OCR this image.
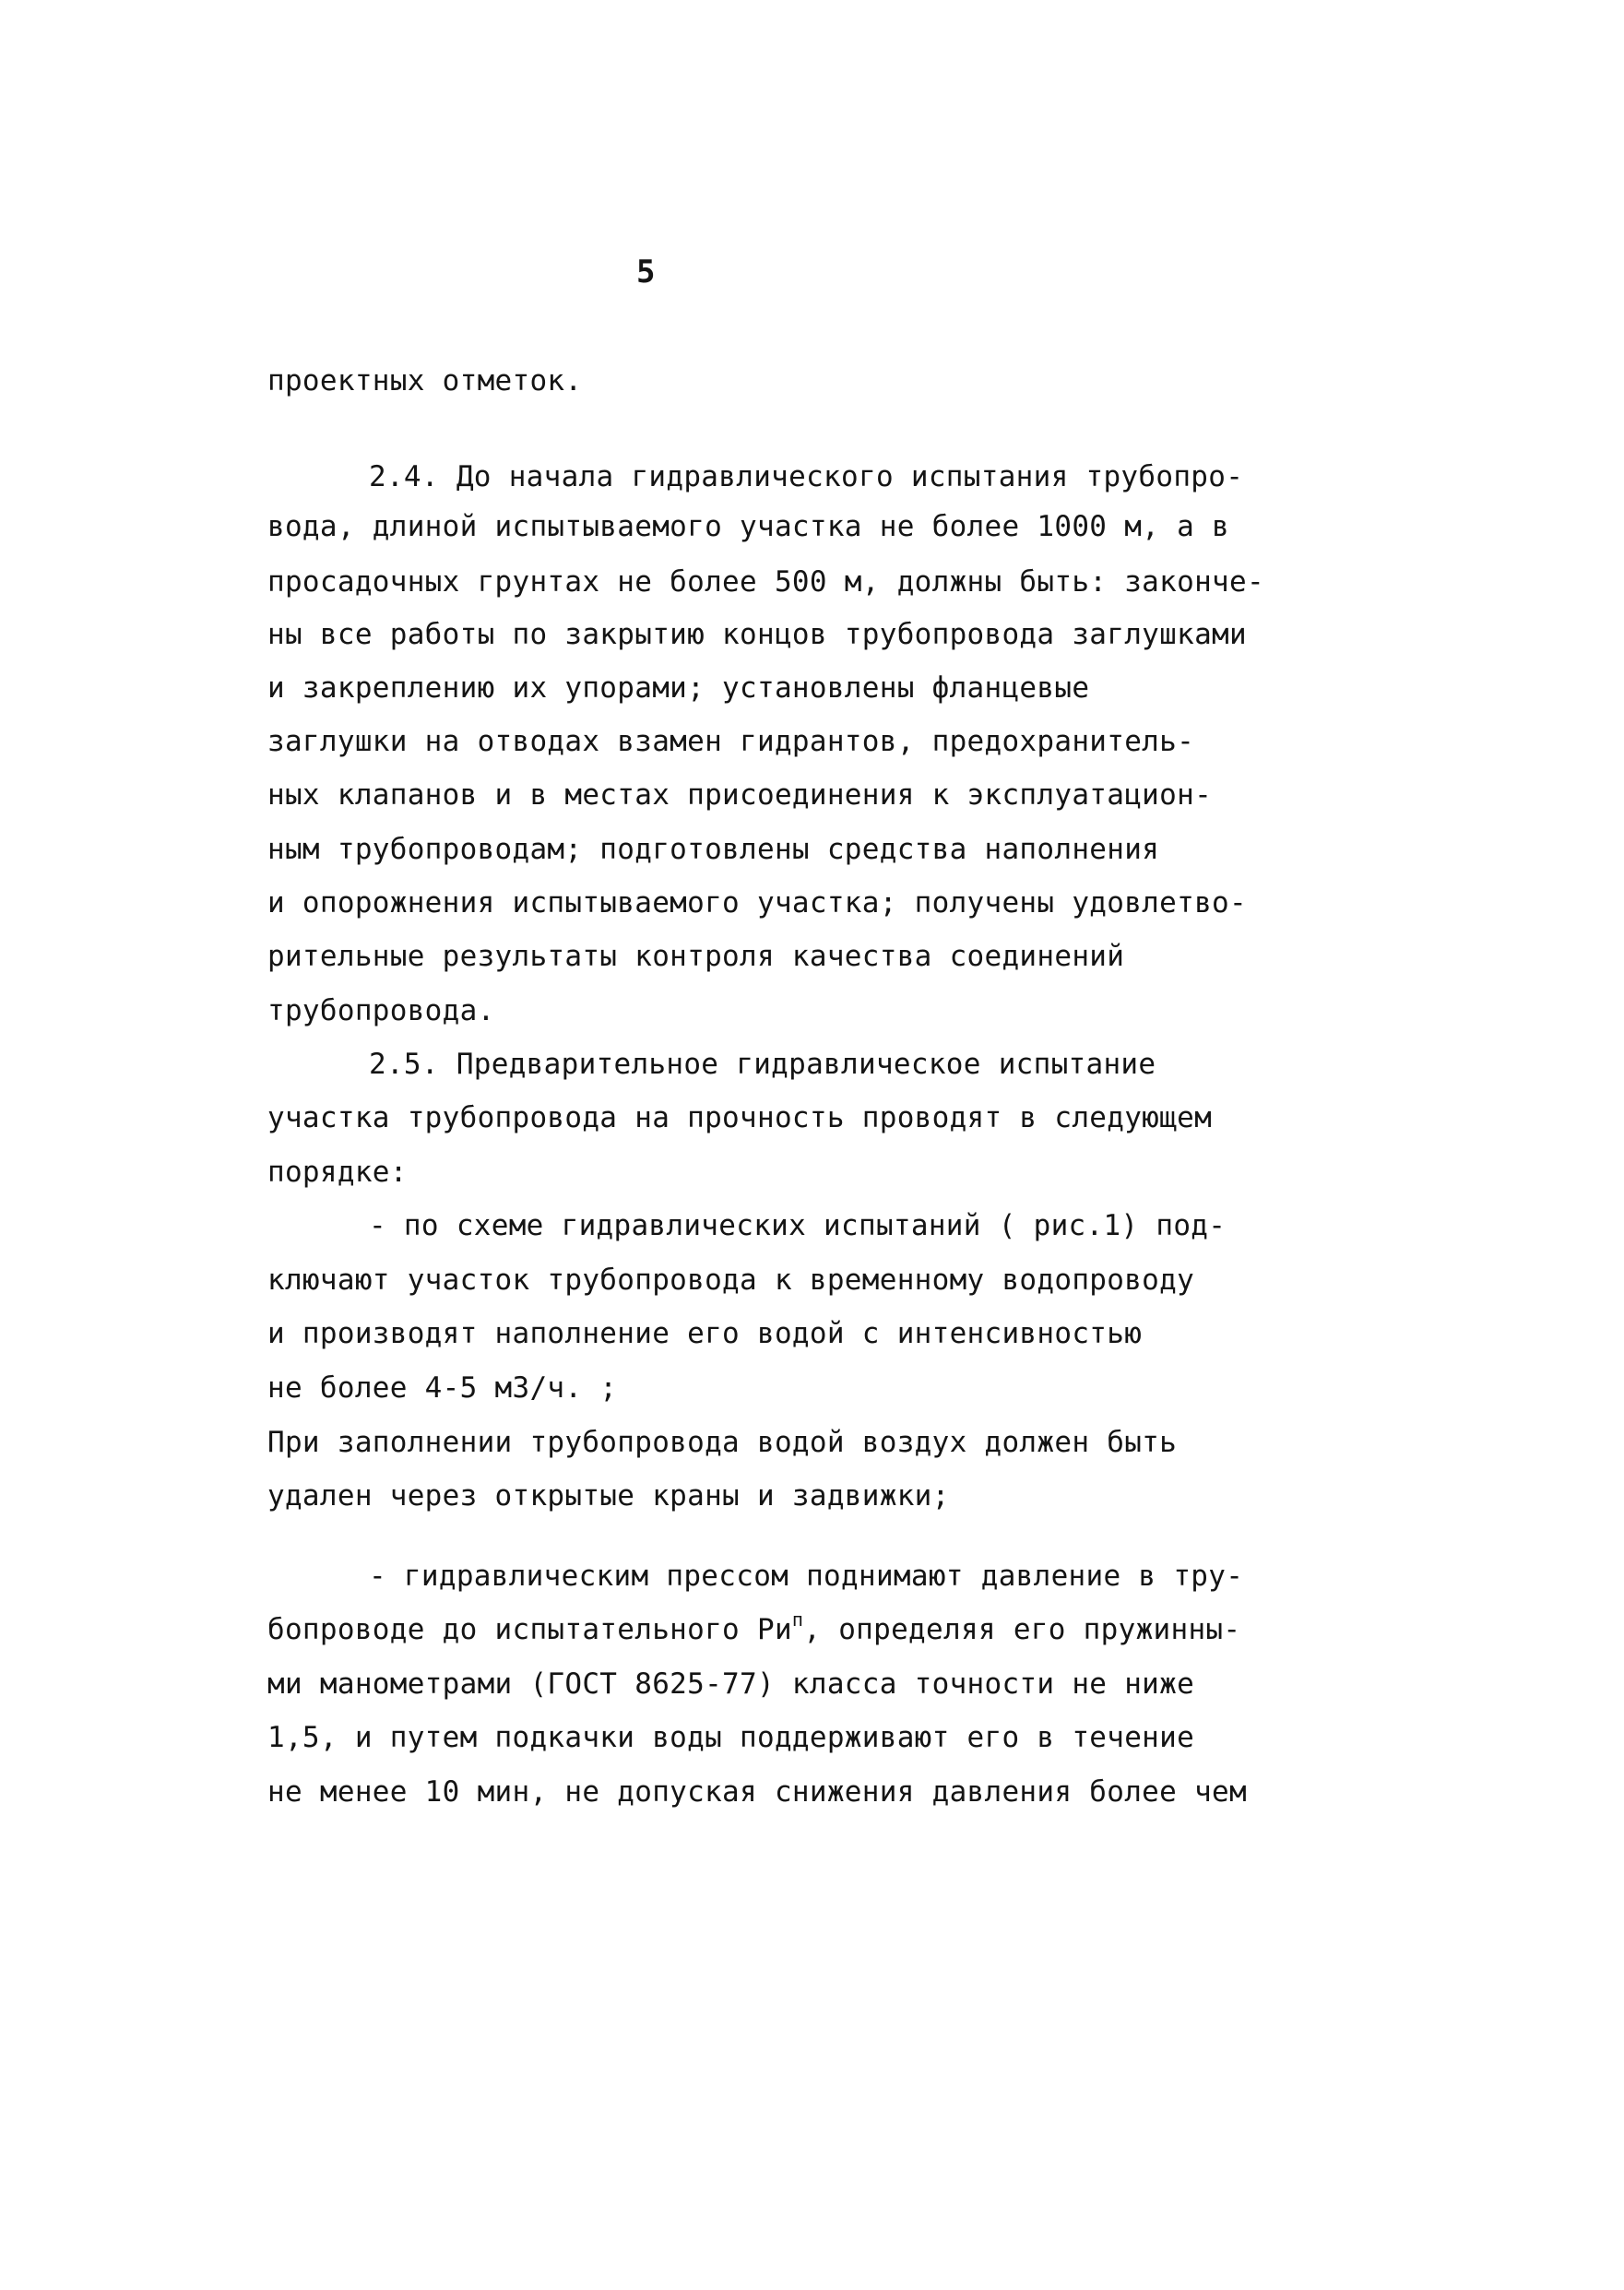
5
проектных отметок.
2.4. До начала гидравлического испытания трубопро-
вода, длиной испытываемого участка не более 1000 м, а в
просадочных грунтах не более 500 м, должны быть: законче-
ны все работы по закрытию концов трубопровода заглушками
и закреплению их упорами; установлены фланцевые
заглушки на отводах взамен гидрантов, предохранитель-
ных клапанов и в местах присоединения к эксплуатацион-
ным трубопроводам; подготовлены средства наполнения
и опорожнения испытываемого участка; получены удовлетво-
рительные результаты контроля качества соединений
трубопровода.
2.5. Предварительное гидравлическое испытание
участка трубопровода на прочность проводят в следующем
порядке:
- по схеме гидравлических испытаний ( рис.1) под-
ключают участок трубопровода к временному водопроводу
и производят наполнение его водой с интенсивностью
не более 4-5 м3/ч. ;
При заполнении трубопровода водой воздух должен быть
удален через открытые краны и задвижки;
- гидравлическим прессом поднимают давление в тру-
бопроводе до испытательного $Ри^п$, определяя его пружинны-
ми манометрами (ГОСТ 8625-77) класса точности не ниже
1,5, и путем подкачки воды поддерживают его в течение
не менее 10 мин, не допуская снижения давления более чем
